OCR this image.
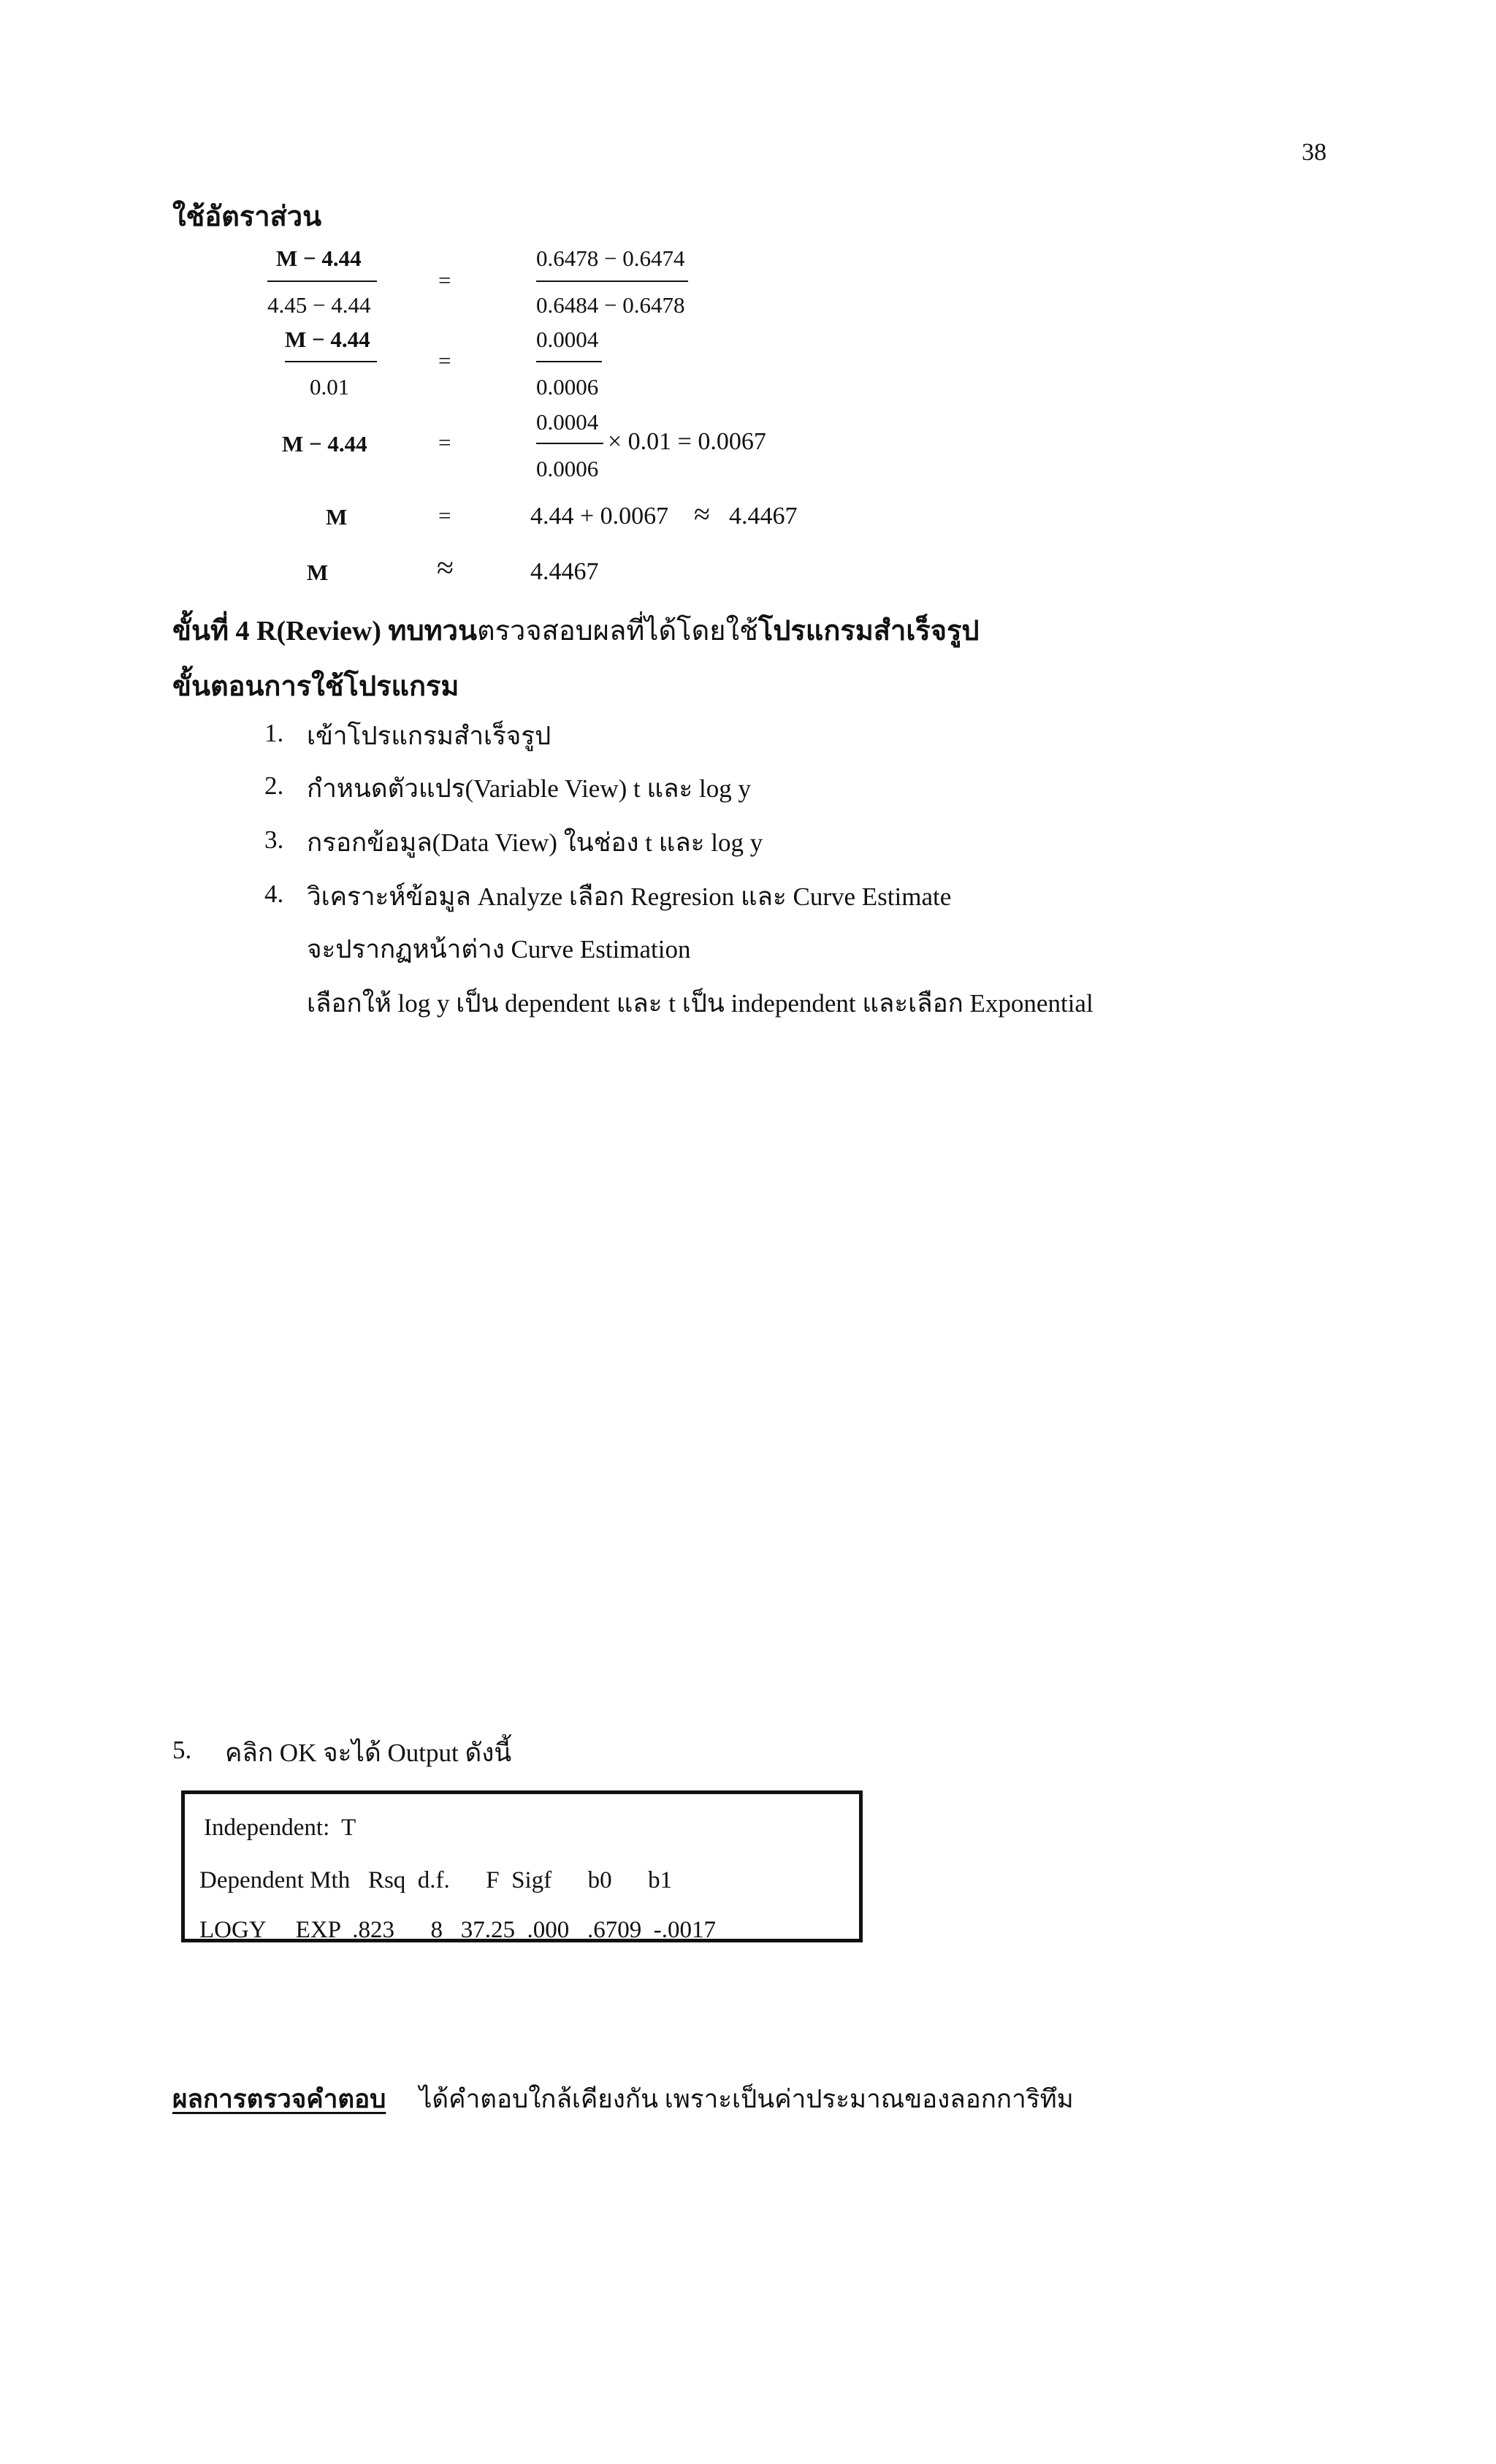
38
ใช้อัตราส่วน
M − 4.44
4.45 − 4.44
=
0.6478 − 0.6474
0.6484 − 0.6478
M − 4.44
0.01
=
0.0004
0.0006
M − 4.44	=
0.0004
0.0006
× 0.01 = 0.0067
M	=	4.44 + 0.0067 ≈ 4.4467
M	≈	4.4467
ขั้นที่ 4 R(Review) ทบทวนตรวจสอบผลที่ได้โดยใช้โปรแกรมสำเร็จรูป
ขั้นตอนการใช้โปรแกรม
1. เข้าโปรแกรมสำเร็จรูป
2. กำหนดตัวแปร(Variable View) t และ log y
3. กรอกข้อมูล(Data View) ในช่อง t และ log y
4. วิเคราะห์ข้อมูล Analyze เลือก Regresion และ Curve Estimate
จะปรากฏหน้าต่าง Curve Estimation
เลือกให้ log y เป็น dependent และ t เป็น independent และเลือก Exponential
5. คลิก OK จะได้ Output ดังนี้
Independent:  T
Dependent Mth   Rsq  d.f.      F  Sigf      b0      b1
LOGY     EXP  .823      8   37.25  .000   .6709  -.0017
ผลการตรวจคำตอบ ได้คำตอบใกล้เคียงกัน เพราะเป็นค่าประมาณของลอกการิทึม
